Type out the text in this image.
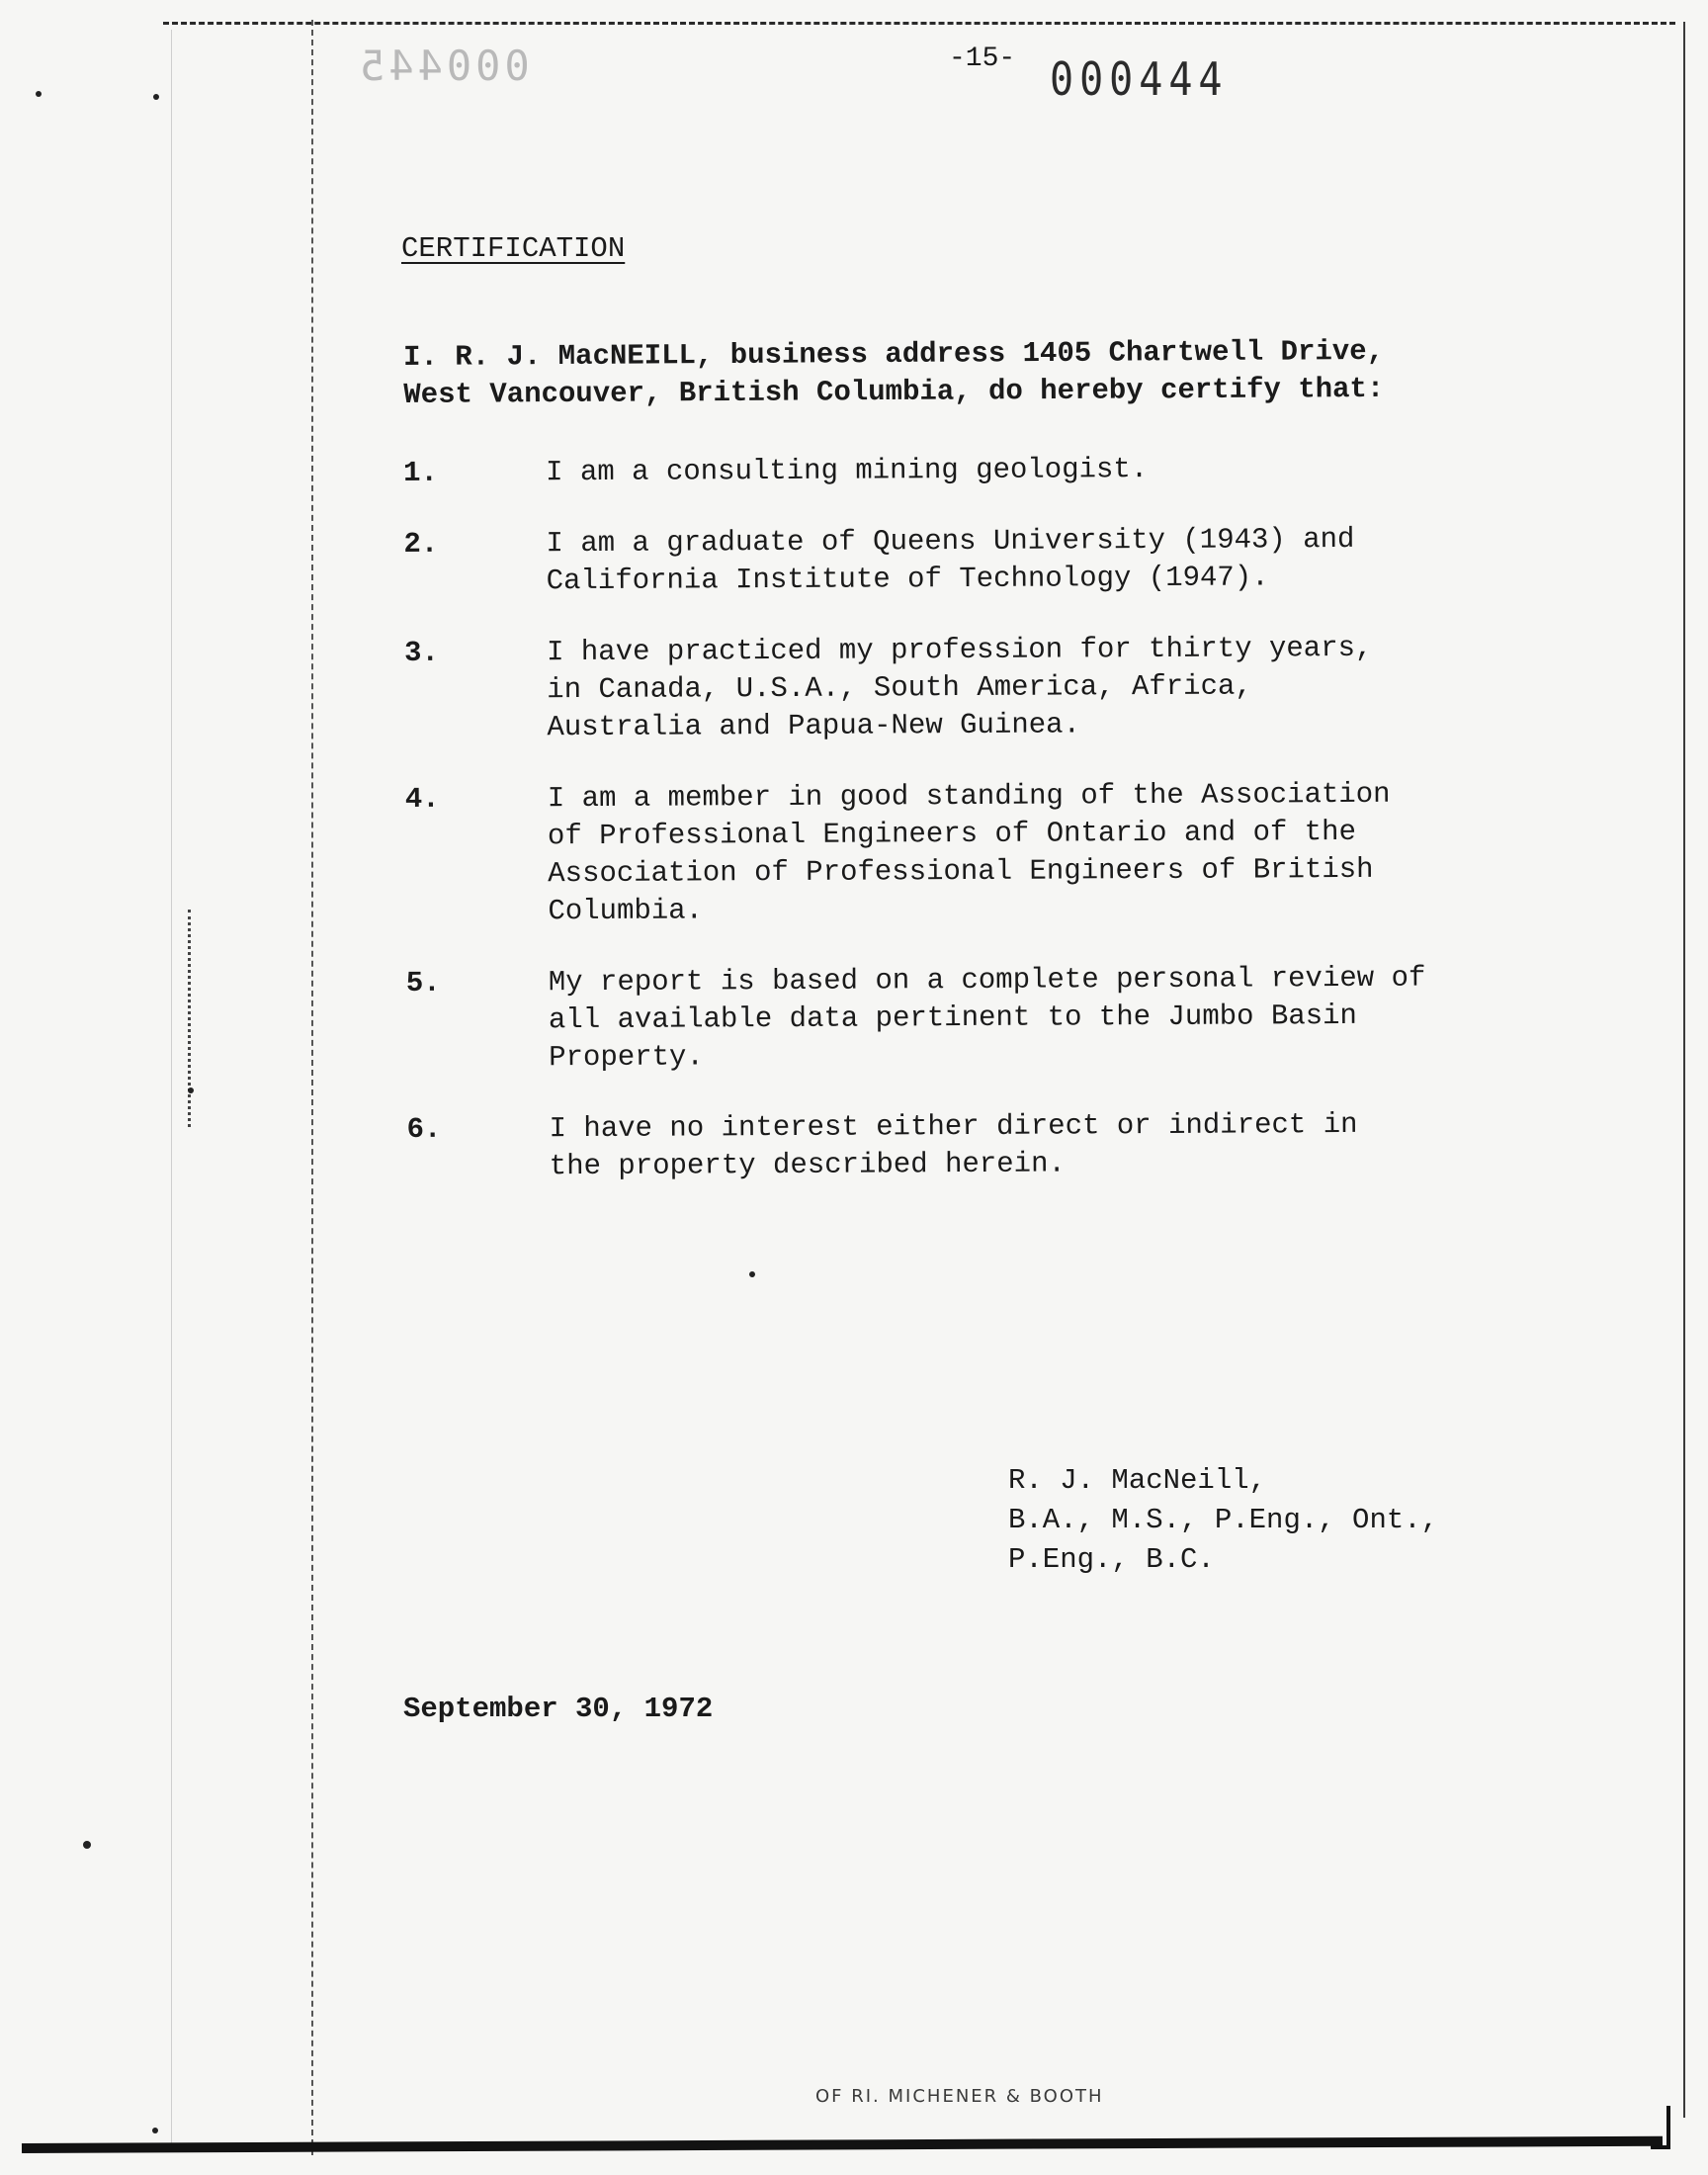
000445	-15- 000444
CERTIFICATION
I. R. J. MacNEILL, business address 1405 Chartwell Drive,
West Vancouver, British Columbia, do hereby certify that:
1.	I am a consulting mining geologist.
2.	I am a graduate of Queens University (1943) and
California Institute of Technology (1947).
3.	I have practiced my profession for thirty years,
in Canada, U.S.A., South America, Africa,
Australia and Papua-New Guinea.
4.	I am a member in good standing of the Association
of Professional Engineers of Ontario and of the
Association of Professional Engineers of British
Columbia.
5.	My report is based on a complete personal review of
all available data pertinent to the Jumbo Basin
Property.
6.	I have no interest either direct or indirect in
the property described herein.
R. J. MacNeill,
B.A., M.S., P.Eng., Ont.,
P.Eng., B.C.
September 30, 1972
OF RI. MICHENER & BOOTH
